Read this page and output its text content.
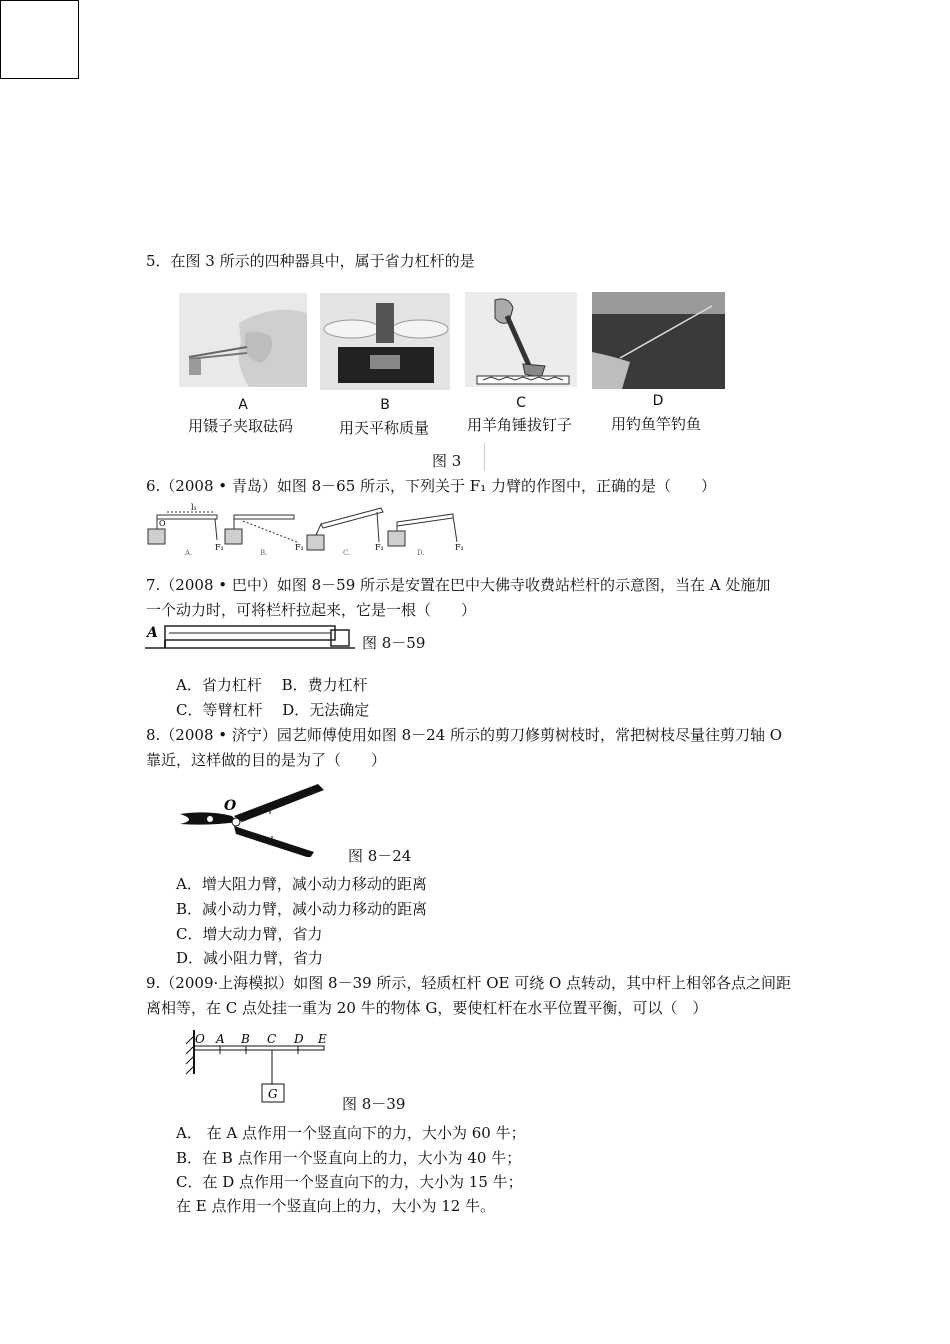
5．在图 3 所示的四种器具中，属于省力杠杆的是
A	B	C	D
用镊子夹取砝码	用天平称质量	用羊角锤拔钉子	用钓鱼竿钓鱼
图 3
6.（2008 • 青岛）如图 8－65 所示，下列关于 F₁ 力臂的作图中，正确的是（　　）
O
l₁
F₁	F₁	F₁	F₁
A.	B.	C.	D.
7.（2008 • 巴中）如图 8－59 所示是安置在巴中大佛寺收费站栏杆的示意图，当在 A 处施加
一个动力时，可将栏杆拉起来，它是一根（　　）
A
图 8－59
A．省力杠杆　 B．费力杠杆
C．等臂杠杆　 D．无法确定
8.（2008 • 济宁）园艺师傅使用如图 8－24 所示的剪刀修剪树枝时，常把树枝尽量往剪刀轴 O
靠近，这样做的目的是为了（　　）
O
图 8－24
A．增大阻力臂，减小动力移动的距离
B．减小动力臂，减小动力移动的距离
C．增大动力臂，省力
D．减小阻力臂，省力
9.（2009·上海模拟）如图 8－39 所示，轻质杠杆 OE 可绕 O 点转动，其中杆上相邻各点之间距
离相等，在 C 点处挂一重为 20 牛的物体 G，要使杠杆在水平位置平衡，可以（　）
O A B C D E
G
图 8－39
A． 在 A 点作用一个竖直向下的力，大小为 60 牛；
B．在 B 点作用一个竖直向上的力，大小为 40 牛；
C．在 D 点作用一个竖直向下的力，大小为 15 牛；
在 E 点作用一个竖直向上的力，大小为 12 牛。
